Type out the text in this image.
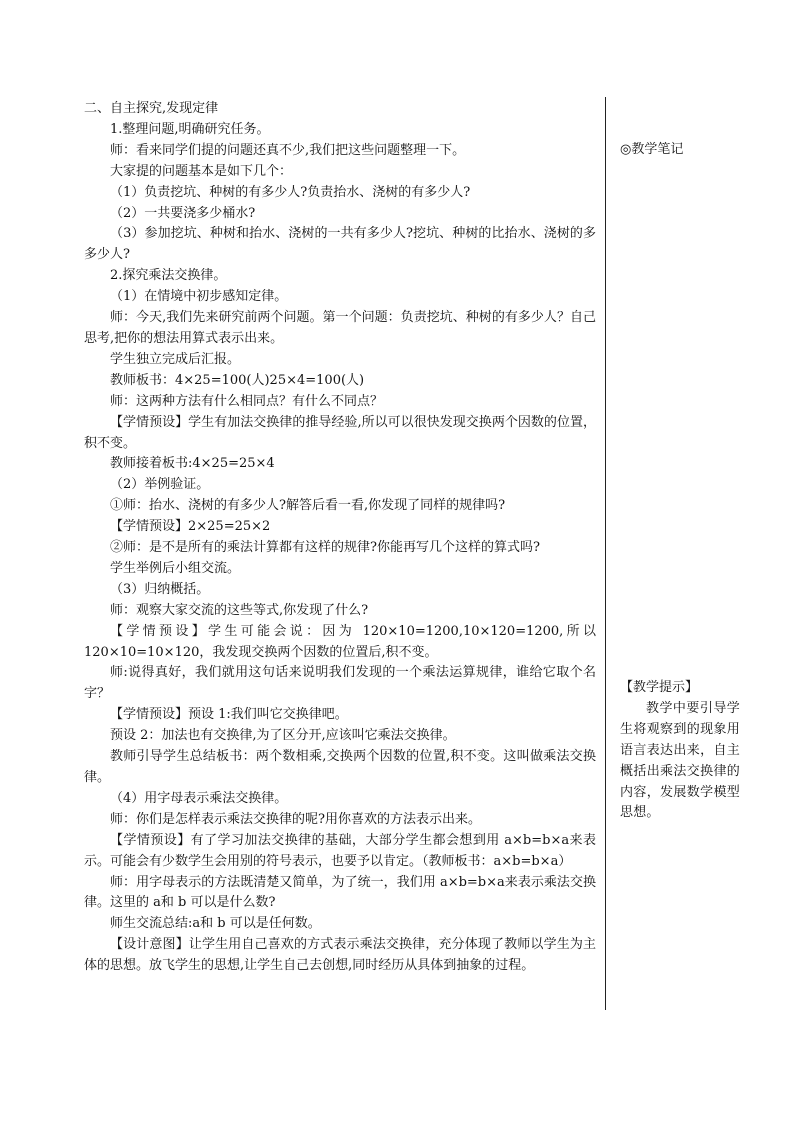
二、自主探究,发现定律

1.整理问题,明确研究任务。

师：看来同学们提的问题还真不少,我们把这些问题整理一下。

大家提的问题基本是如下几个：

（1）负责挖坑、种树的有多少人?负责抬水、浇树的有多少人?

（2）一共要浇多少桶水?

（3）参加挖坑、种树和抬水、浇树的一共有多少人?挖坑、种树的比抬水、浇树的多多少人?

2.探究乘法交换律。

（1）在情境中初步感知定律。

师：今天,我们先来研究前两个问题。第一个问题：负责挖坑、种树的有多少人？自己思考,把你的想法用算式表示出来。

学生独立完成后汇报。

教师板书：4×25=100(人)25×4=100(人)

师：这两种方法有什么相同点？有什么不同点？

【学情预设】学生有加法交换律的推导经验,所以可以很快发现交换两个因数的位置，积不变。

教师接着板书:4×25=25×4

（2）举例验证。

①师：抬水、浇树的有多少人?解答后看一看,你发现了同样的规律吗?

【学情预设】2×25=25×2

②师：是不是所有的乘法计算都有这样的规律?你能再写几个这样的算式吗?

学生举例后小组交流。

（3）归纳概括。

师：观察大家交流的这些等式,你发现了什么?

【学情预设】学生可能会说：因为 120×10=1200,10×120=1200,所以 120×10=10×120，我发现交换两个因数的位置后,积不变。

师:说得真好，我们就用这句话来说明我们发现的一个乘法运算规律，谁给它取个名字？

【学情预设】预设 1:我们叫它交换律吧。

预设 2：加法也有交换律,为了区分开,应该叫它乘法交换律。

教师引导学生总结板书：两个数相乘,交换两个因数的位置,积不变。这叫做乘法交换律。

（4）用字母表示乘法交换律。

师：你们是怎样表示乘法交换律的呢?用你喜欢的方法表示出来。

【学情预设】有了学习加法交换律的基础，大部分学生都会想到用 a×b=b×a来表示。可能会有少数学生会用别的符号表示，也要予以肯定。（教师板书：a×b=b×a）

师：用字母表示的方法既清楚又简单，为了统一，我们用 a×b=b×a来表示乘法交换律。这里的 a和 b 可以是什么数?

师生交流总结:a和 b 可以是任何数。

【设计意图】让学生用自己喜欢的方式表示乘法交换律，充分体现了教师以学生为主体的思想。放飞学生的思想,让学生自己去创想,同时经历从具体到抽象的过程。

◎教学笔记

【教学提示】

教学中要引导学生将观察到的现象用语言表达出来，自主概括出乘法交换律的内容，发展数学模型思想。
